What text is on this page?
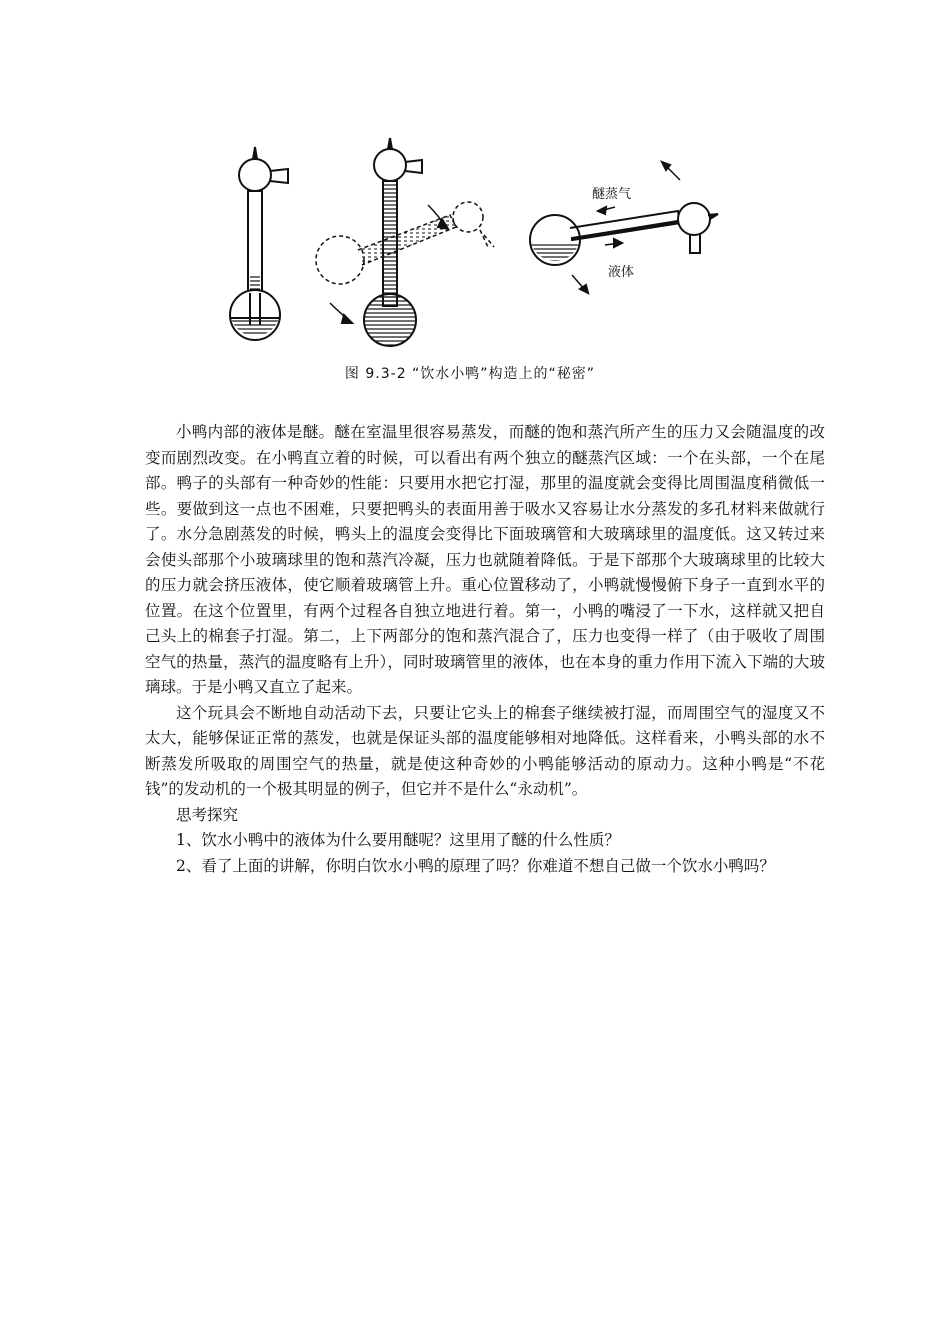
醚蒸气
液体
图 9.3-2 “饮水小鸭”构造上的“秘密”

小鸭内部的液体是醚。醚在室温里很容易蒸发，而醚的饱和蒸汽所产生的压力又会随温度的改变而剧烈改变。在小鸭直立着的时候，可以看出有两个独立的醚蒸汽区域：一个在头部，一个在尾部。鸭子的头部有一种奇妙的性能：只要用水把它打湿，那里的温度就会变得比周围温度稍微低一些。要做到这一点也不困难，只要把鸭头的表面用善于吸水又容易让水分蒸发的多孔材料来做就行了。水分急剧蒸发的时候，鸭头上的温度会变得比下面玻璃管和大玻璃球里的温度低。这又转过来会使头部那个小玻璃球里的饱和蒸汽冷凝，压力也就随着降低。于是下部那个大玻璃球里的比较大的压力就会挤压液体，使它顺着玻璃管上升。重心位置移动了，小鸭就慢慢俯下身子一直到水平的位置。在这个位置里，有两个过程各自独立地进行着。第一，小鸭的嘴浸了一下水，这样就又把自己头上的棉套子打湿。第二，上下两部分的饱和蒸汽混合了，压力也变得一样了（由于吸收了周围空气的热量，蒸汽的温度略有上升），同时玻璃管里的液体，也在本身的重力作用下流入下端的大玻璃球。于是小鸭又直立了起来。

这个玩具会不断地自动活动下去，只要让它头上的棉套子继续被打湿，而周围空气的湿度又不太大，能够保证正常的蒸发，也就是保证头部的温度能够相对地降低。这样看来，小鸭头部的水不断蒸发所吸取的周围空气的热量，就是使这种奇妙的小鸭能够活动的原动力。这种小鸭是“不花钱”的发动机的一个极其明显的例子，但它并不是什么“永动机”。

思考探究

1、饮水小鸭中的液体为什么要用醚呢？这里用了醚的什么性质？

2、看了上面的讲解，你明白饮水小鸭的原理了吗？你难道不想自己做一个饮水小鸭吗？
